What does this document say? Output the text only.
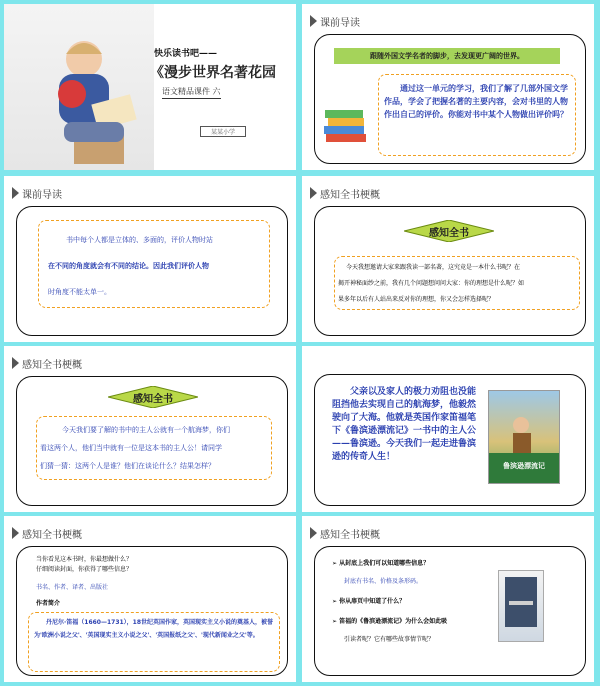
快乐读书吧——
《漫步世界名著花园
语文精品课件 六
某某小学
课前导读
跟随外国文学名者的脚步，去发现更广阔的世界。
通过这一单元的学习，我们了解了几部外国文学作品，学会了把握名著的主要内容，会对书里的人物作出自己的评价。你能对书中某个人物做出评价吗？
课前导读
书中每个人都是立体的、多面的，评价人物时站
在不同的角度就会有不同的结论。因此我们评价人物
时角度不能太单一。
感知全书梗概
感知全书
今天我想邀请大家来跟我读一部名著，这究竟是一本什么书呢？在
揭开神秘面纱之前，我有几个问题想问问大家：你的理想是什么呢？如
果多年以后有人站出来反对你的理想，你又会怎样选择呢？
感知全书梗概
感知全书
今天我们要了解的书中的主人公就有一个航海梦，你们
看这两个人，他们当中就有一位是这本书的主人公！请同学
们猜一猜：这两个人是谁？他们在谈论什么？结果怎样？
父亲以及家人的极力劝阻也没能阻挡他去实现自己的航海梦，他毅然驶向了大海。他就是英国作家笛福笔下《鲁滨逊漂流记》一书中的主人公——鲁滨逊。今天我们一起走进鲁滨逊的传奇人生！
鲁滨逊漂流记
感知全书梗概
当你看见这本书时，你最想做什么？
仔细阅读封面，你获得了哪些信息？
书名、作者、译者、出版社
作者简介
丹尼尔·笛福（1660—1731），18世纪英国作家，英国现实主义小说的奠基人，被誉为'欧洲小说之父'、'英国现实主义小说之父'、'英国报纸之父'、'现代新闻业之父'等。
感知全书梗概
➢ 从封底上我们可以知道哪些信息？
封底有书名、价格及条形码。
➢ 你从扉页中知道了什么？
➢ 笛福的《鲁滨逊漂流记》为什么会如此吸
引读者呢？它有哪些故事情节呢？
